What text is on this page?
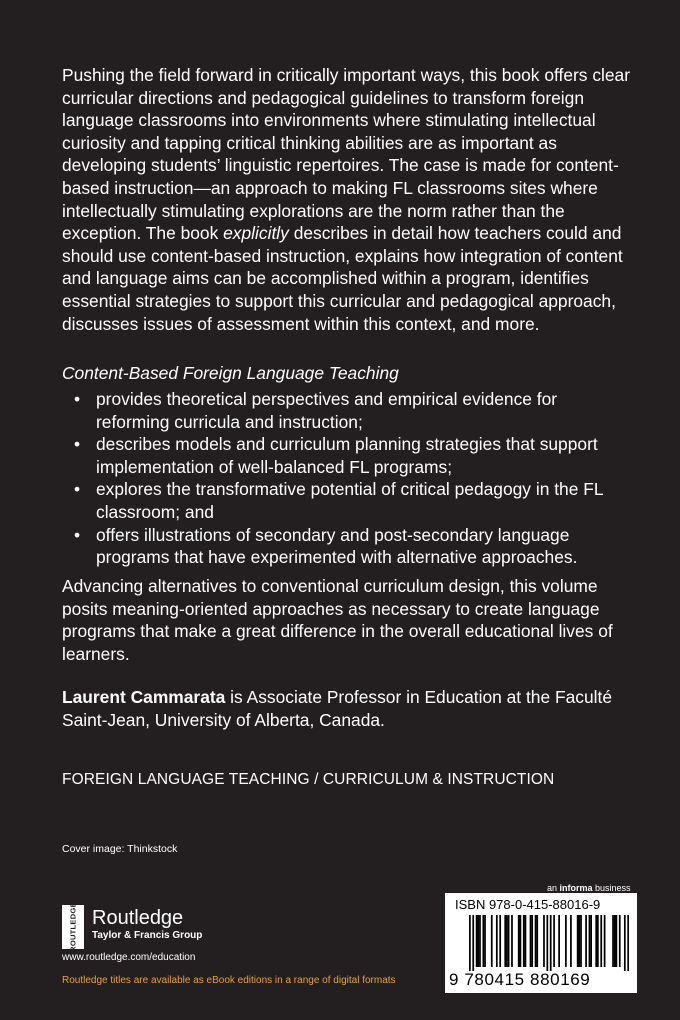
Pushing the field forward in critically important ways, this book offers clear curricular directions and pedagogical guidelines to transform foreign language classrooms into environments where stimulating intellectual curiosity and tapping critical thinking abilities are as important as developing students’ linguistic repertoires. The case is made for content-based instruction—an approach to making FL classrooms sites where intellectually stimulating explorations are the norm rather than the exception. The book explicitly describes in detail how teachers could and should use content-based instruction, explains how integration of content and language aims can be accomplished within a program, identifies essential strategies to support this curricular and pedagogical approach, discusses issues of assessment within this context, and more.

Content-Based Foreign Language Teaching

• provides theoretical perspectives and empirical evidence for reforming curricula and instruction;
• describes models and curriculum planning strategies that support implementation of well-balanced FL programs;
• explores the transformative potential of critical pedagogy in the FL classroom; and
• offers illustrations of secondary and post-secondary language programs that have experimented with alternative approaches.

Advancing alternatives to conventional curriculum design, this volume posits meaning-oriented approaches as necessary to create language programs that make a great difference in the overall educational lives of learners.

Laurent Cammarata is Associate Professor in Education at the Faculté Saint-Jean, University of Alberta, Canada.

FOREIGN LANGUAGE TEACHING / CURRICULUM & INSTRUCTION

Cover image: Thinkstock

ROUTLEDGE Routledge
Taylor & Francis Group

www.routledge.com/education

Routledge titles are available as eBook editions in a range of digital formats

an informa business
ISBN 978-0-415-88016-9
9 780415 880169
